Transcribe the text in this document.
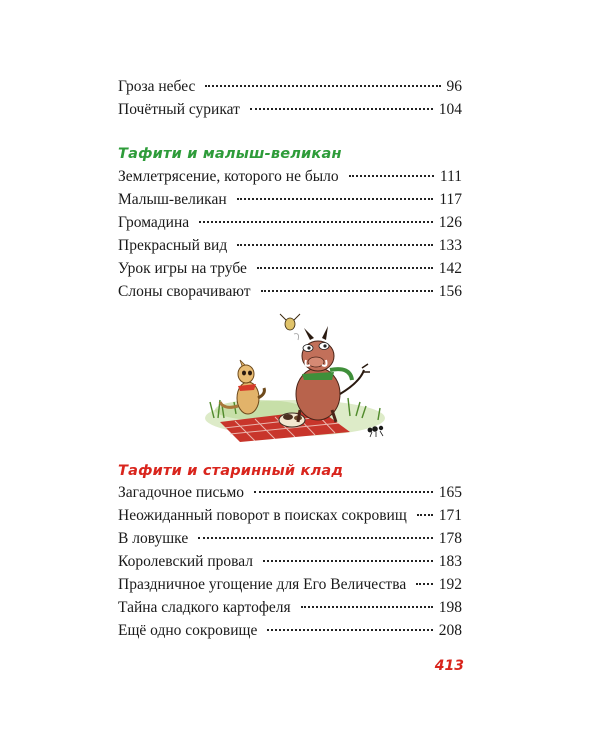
Гроза небес	96
Почётный сурикат	104
Тафити и малыш-великан
Землетрясение, которого не было	111
Малыш-великан	117
Громадина	126
Прекрасный вид	133
Урок игры на трубе	142
Слоны сворачивают	156
Тафити и старинный клад
Загадочное письмо	165
Неожиданный поворот в поисках сокровищ 171
В ловушке	178
Королевский провал	183
Праздничное угощение для Его Величества 192
Тайна сладкого картофеля	198
Ещё одно сокровище	208
413
